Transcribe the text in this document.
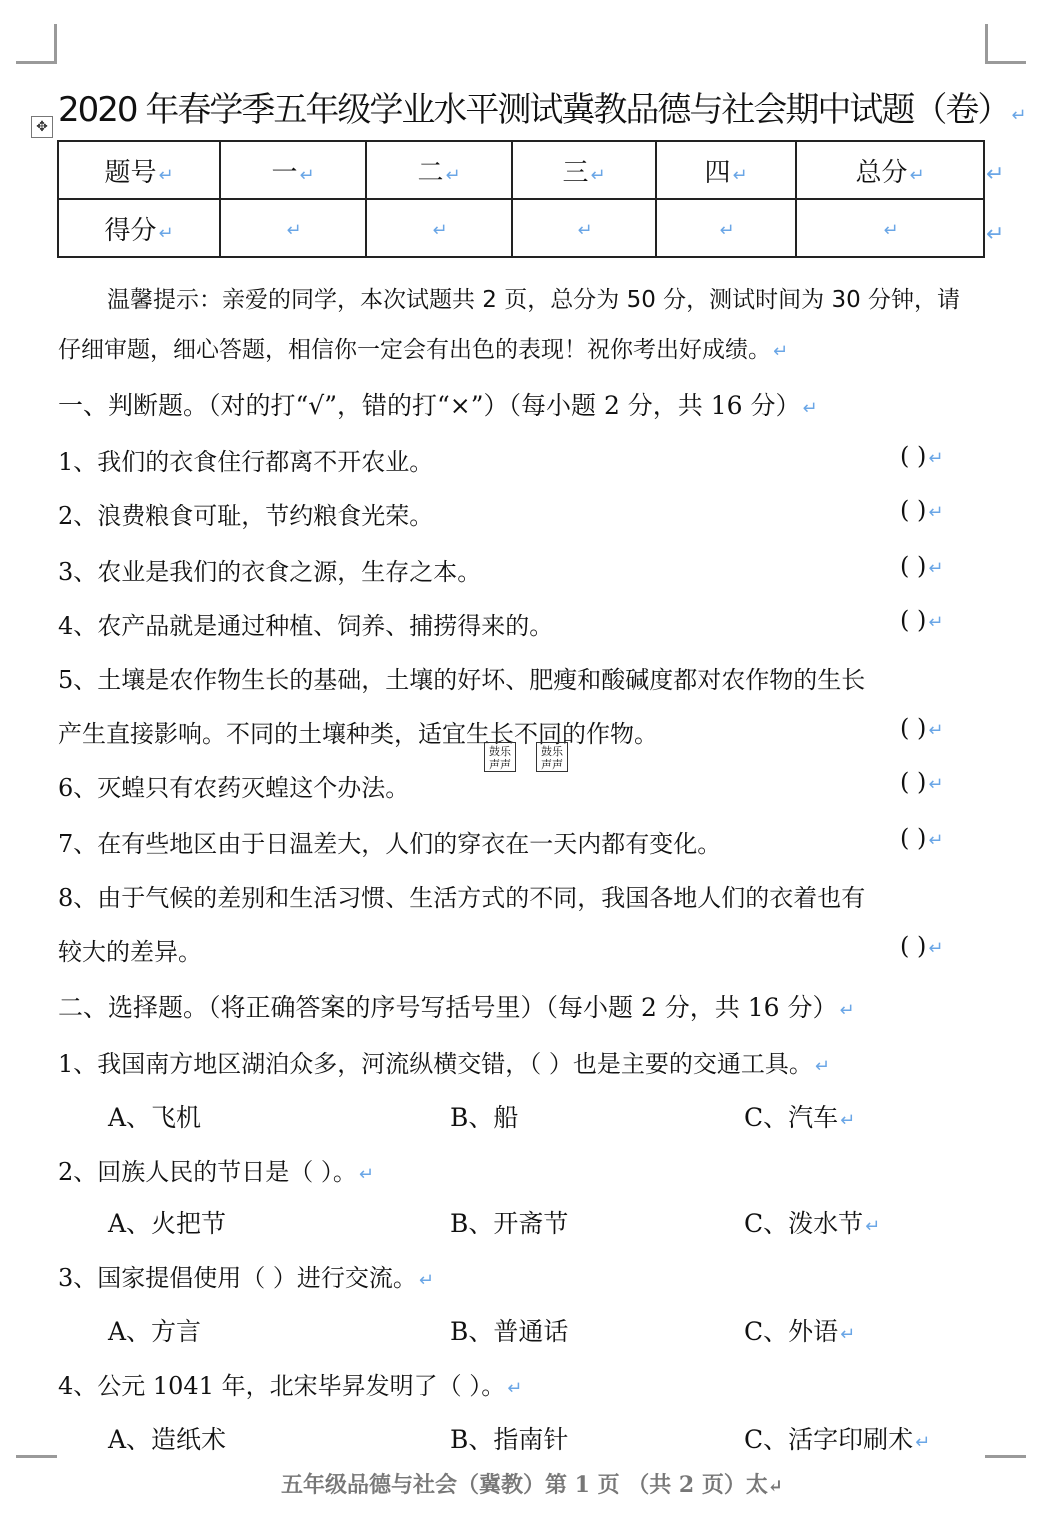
✥ 2020 年春学季五年级学业水平测试冀教品德与社会期中试题（卷） ↵
题号 ↵	一 ↵	二 ↵	三 ↵	四 ↵	总分 ↵
得分 ↵	↵	↵	↵	↵	↵
↵
↵
温馨提示：亲爱的同学，本次试题共 2 页，总分为 50 分，测试时间为 30 分钟，请
仔细审题，细心答题，相信你一定会有出色的表现！祝你考出好成绩。 ↵
一、判断题。（对的打“√”，错的打“×”）（每小题 2 分，共 16 分） ↵
1、我们的衣食住行都离不开农业。	( ) ↵
2、浪费粮食可耻，节约粮食光荣。	( ) ↵
3、农业是我们的衣食之源，生存之本。	( ) ↵
4、农产品就是通过种植、饲养、捕捞得来的。	( ) ↵
5、土壤是农作物生长的基础，土壤的好坏、肥瘦和酸碱度都对农作物的生长
产生直接影响。不同的土壤种类，适宜生长不同的作物。	( ) ↵
鼓乐
声声
鼓乐
声声
6、灭蝗只有农药灭蝗这个办法。	( ) ↵
7、在有些地区由于日温差大，人们的穿衣在一天内都有变化。	( ) ↵
8、由于气候的差别和生活习惯、生活方式的不同，我国各地人们的衣着也有
较大的差异。	( ) ↵
二、选择题。（将正确答案的序号写括号里）（每小题 2 分，共 16 分） ↵
1、我国南方地区湖泊众多，河流纵横交错，（ ）也是主要的交通工具。 ↵
A、飞机	B、船	C、汽车 ↵
2、回族人民的节日是（ ）。 ↵
A、火把节	B、开斋节	C、泼水节 ↵
3、国家提倡使用（ ）进行交流。 ↵
A、方言	B、普通话	C、外语 ↵
4、公元 1041 年，北宋毕昇发明了（ ）。 ↵
A、造纸术	B、指南针	C、活字印刷术 ↵
五年级品德与社会（冀教）第 1 页 （共 2 页）太↵
